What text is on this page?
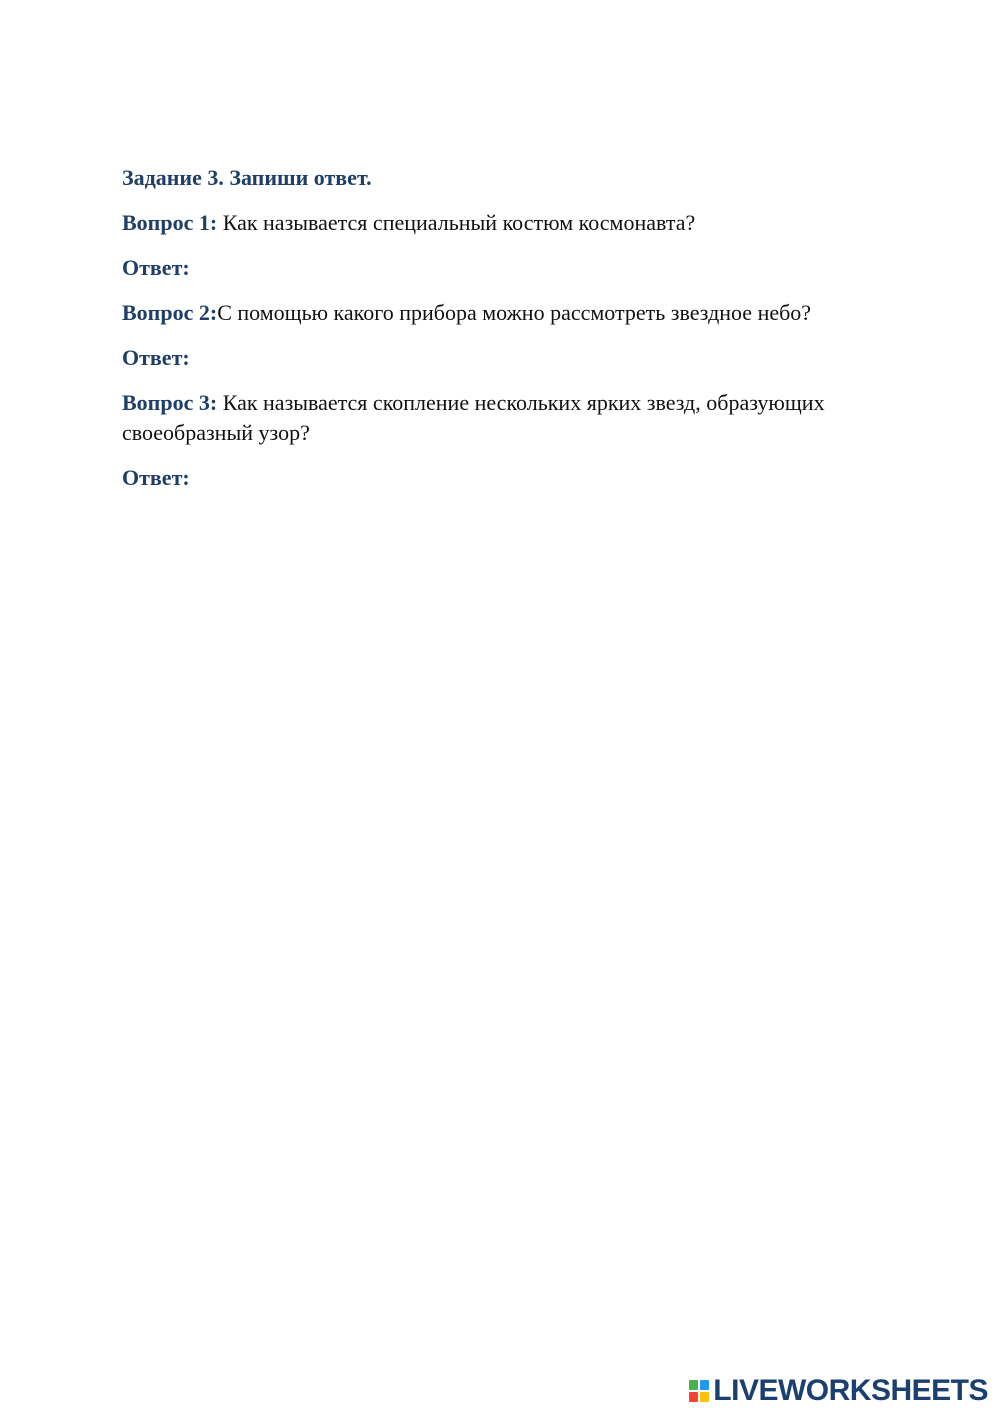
Задание 3. Запиши ответ.

Вопрос 1: Как называется специальный костюм космонавта?

Ответ:

Вопрос 2:С помощью какого прибора можно рассмотреть звездное небо?

Ответ:

Вопрос 3: Как называется скопление нескольких ярких звезд, образующих своеобразный узор?

Ответ:

LIVEWORKSHEETS
